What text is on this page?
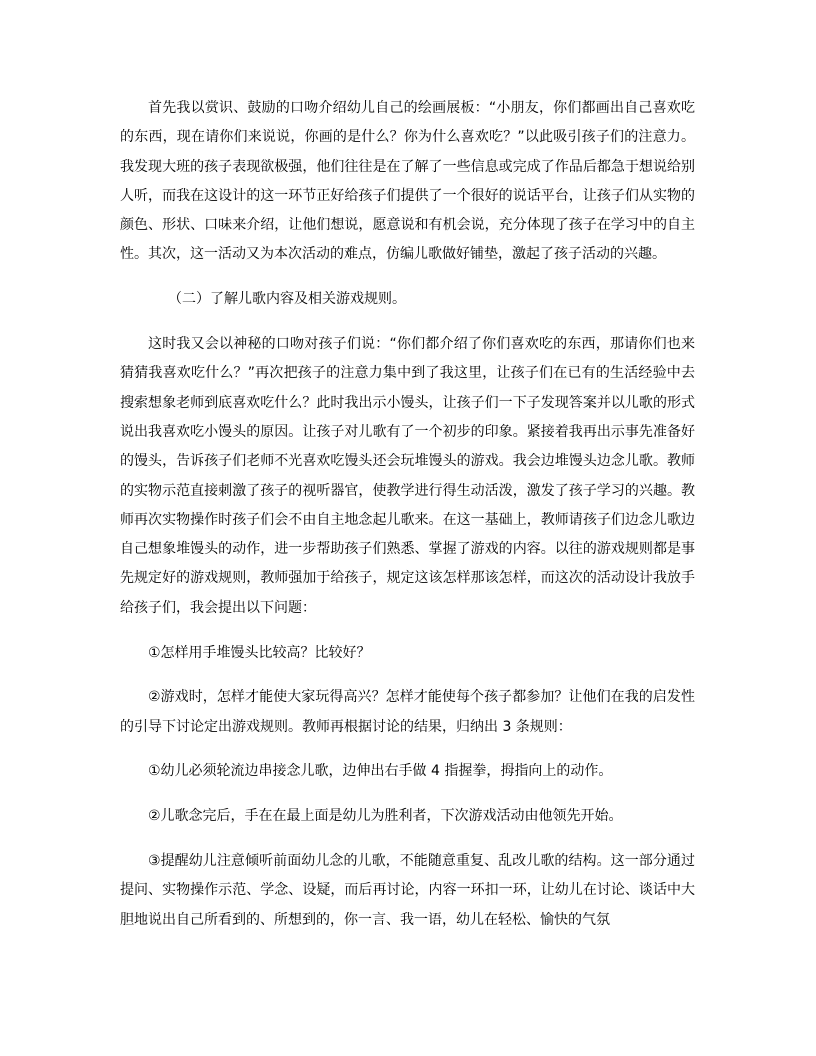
首先我以赏识、鼓励的口吻介绍幼儿自己的绘画展板：“小朋友，你们都画出自己喜欢吃的东西，现在请你们来说说，你画的是什么？你为什么喜欢吃？”以此吸引孩子们的注意力。我发现大班的孩子表现欲极强，他们往往是在了解了一些信息或完成了作品后都急于想说给别人听，而我在这设计的这一环节正好给孩子们提供了一个很好的说话平台，让孩子们从实物的颜色、形状、口味来介绍，让他们想说，愿意说和有机会说，充分体现了孩子在学习中的自主性。其次，这一活动又为本次活动的难点，仿编儿歌做好铺垫，激起了孩子活动的兴趣。

（二）了解儿歌内容及相关游戏规则。

这时我又会以神秘的口吻对孩子们说：“你们都介绍了你们喜欢吃的东西，那请你们也来猜猜我喜欢吃什么？”再次把孩子的注意力集中到了我这里，让孩子们在已有的生活经验中去搜索想象老师到底喜欢吃什么？此时我出示小馒头，让孩子们一下子发现答案并以儿歌的形式说出我喜欢吃小馒头的原因。让孩子对儿歌有了一个初步的印象。紧接着我再出示事先准备好的馒头，告诉孩子们老师不光喜欢吃馒头还会玩堆馒头的游戏。我会边堆馒头边念儿歌。教师的实物示范直接刺激了孩子的视听器官，使教学进行得生动活泼，激发了孩子学习的兴趣。教师再次实物操作时孩子们会不由自主地念起儿歌来。在这一基础上，教师请孩子们边念儿歌边自己想象堆馒头的动作，进一步帮助孩子们熟悉、掌握了游戏的内容。以往的游戏规则都是事先规定好的游戏规则，教师强加于给孩子，规定这该怎样那该怎样，而这次的活动设计我放手给孩子们，我会提出以下问题：

①怎样用手堆馒头比较高？比较好？

②游戏时，怎样才能使大家玩得高兴？怎样才能使每个孩子都参加？让他们在我的启发性的引导下讨论定出游戏规则。教师再根据讨论的结果，归纳出 3 条规则：

①幼儿必须轮流边串接念儿歌，边伸出右手做 4 指握拳，拇指向上的动作。

②儿歌念完后，手在在最上面是幼儿为胜利者，下次游戏活动由他领先开始。

③提醒幼儿注意倾听前面幼儿念的儿歌，不能随意重复、乱改儿歌的结构。这一部分通过提问、实物操作示范、学念、设疑，而后再讨论，内容一环扣一环，让幼儿在讨论、谈话中大胆地说出自己所看到的、所想到的，你一言、我一语，幼儿在轻松、愉快的气氛
